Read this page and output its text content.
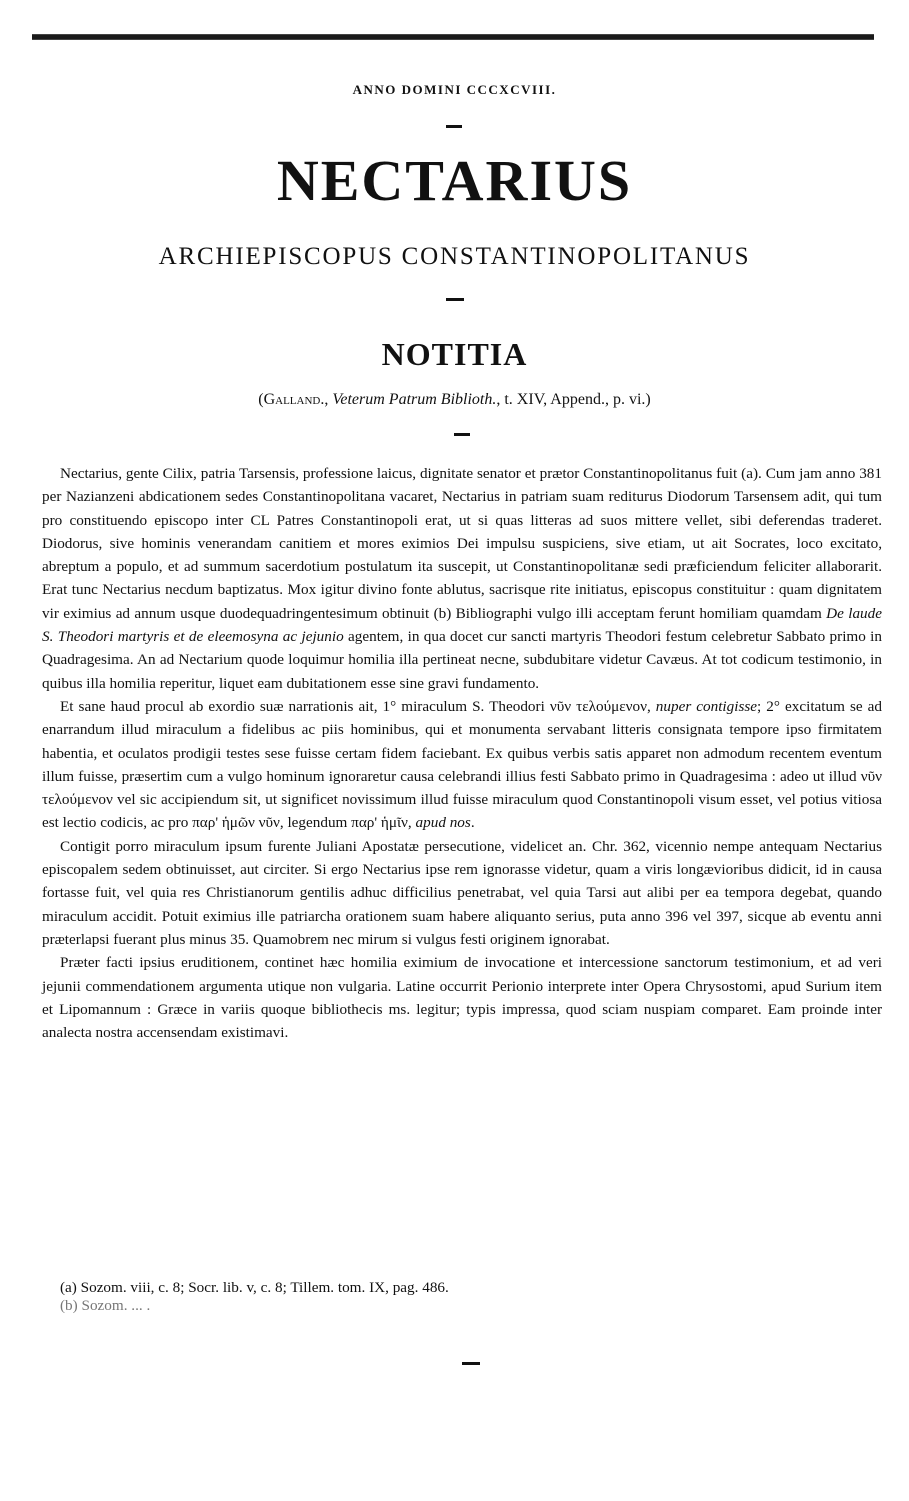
ANNO DOMINI CCCXCVIII.
NECTARIUS
ARCHIEPISCOPUS CONSTANTINOPOLITANUS
NOTITIA
(Galland., Veterum Patrum Biblioth., t. XIV, Append., p. vi.)

Nectarius, gente Cilix, patria Tarsensis, professione laicus, dignitate senator et prætor Constantinopolitanus fuit (a). Cum jam anno 381 per Nazianzeni abdicationem sedes Constantinopolitana vacaret, Nectarius in patriam suam rediturus Diodorum Tarsensem adit, qui tum pro constituendo episcopo inter CL Patres Constantinopoli erat, ut si quas litteras ad suos mittere vellet, sibi deferendas traderet. Diodorus, sive hominis venerandam canitiem et mores eximios Dei impulsu suspiciens, sive etiam, ut ait Socrates, loco excitato, abreptum a populo, et ad summum sacerdotium postulatum ita suscepit, ut Constantinopolitanæ sedi præficiendum feliciter allaborarit. Erat tunc Nectarius necdum baptizatus. Mox igitur divino fonte ablutus, sacrisque rite initiatus, episcopus constituitur : quam dignitatem vir eximius ad annum usque duodequadringentesimum obtinuit (b) Bibliographi vulgo illi acceptam ferunt homiliam quamdam De laude S. Theodori martyris et de eleemosyna ac jejunio agentem, in qua docet cur sancti martyris Theodori festum celebretur Sabbato primo in Quadragesima. An ad Nectarium quode loquimur homilia illa pertineat necne, subdubitare videtur Cavæus. At tot codicum testimonio, in quibus illa homilia reperitur, liquet eam dubitationem esse sine gravi fundamento.

Et sane haud procul ab exordio suæ narrationis ait, 1° miraculum S. Theodori νῦν τελούμενον, nuper contigisse; 2° excitatum se ad enarrandum illud miraculum a fidelibus ac piis hominibus, qui et monumenta servabant litteris consignata tempore ipso firmitatem habentia, et oculatos prodigii testes sese fuisse certam fidem faciebant. Ex quibus verbis satis apparet non admodum recentem eventum illum fuisse, præsertim cum a vulgo hominum ignoraretur causa celebrandi illius festi Sabbato primo in Quadragesima : adeo ut illud νῦν τελούμενον vel sic accipiendum sit, ut significet novissimum illud fuisse miraculum quod Constantinopoli visum esset, vel potius vitiosa est lectio codicis, ac pro παρ' ἡμῶν νῦν, legendum παρ' ἡμῖν, apud nos.

Contigit porro miraculum ipsum furente Juliani Apostatæ persecutione, videlicet an. Chr. 362, vicennio nempe antequam Nectarius episcopalem sedem obtinuisset, aut circiter. Si ergo Nectarius ipse rem ignorasse videtur, quam a viris longævioribus didicit, id in causa fortasse fuit, vel quia res Christianorum gentilis adhuc difficilius penetrabat, vel quia Tarsi aut alibi per ea tempora degebat, quando miraculum accidit. Potuit eximius ille patriarcha orationem suam habere aliquanto serius, puta anno 396 vel 397, sicque ab eventu anni præterlapsi fuerant plus minus 35. Quamobrem nec mirum si vulgus festi originem ignorabat.

Præter facti ipsius eruditionem, continet hæc homilia eximium de invocatione et intercessione sanctorum testimonium, et ad veri jejunii commendationem argumenta utique non vulgaria. Latine occurrit Perionio interprete inter Opera Chrysostomi, apud Surium item et Lipomannum : Græce in variis quoque bibliothecis ms. legitur; typis impressa, quod sciam nuspiam comparet. Eam proinde inter analecta nostra accensendam existimavi.

(a) Sozom. viii, c. 8; Socr. lib. v, c. 8; Tillem. tom. IX, pag. 486.

(b) Sozom. ... .
